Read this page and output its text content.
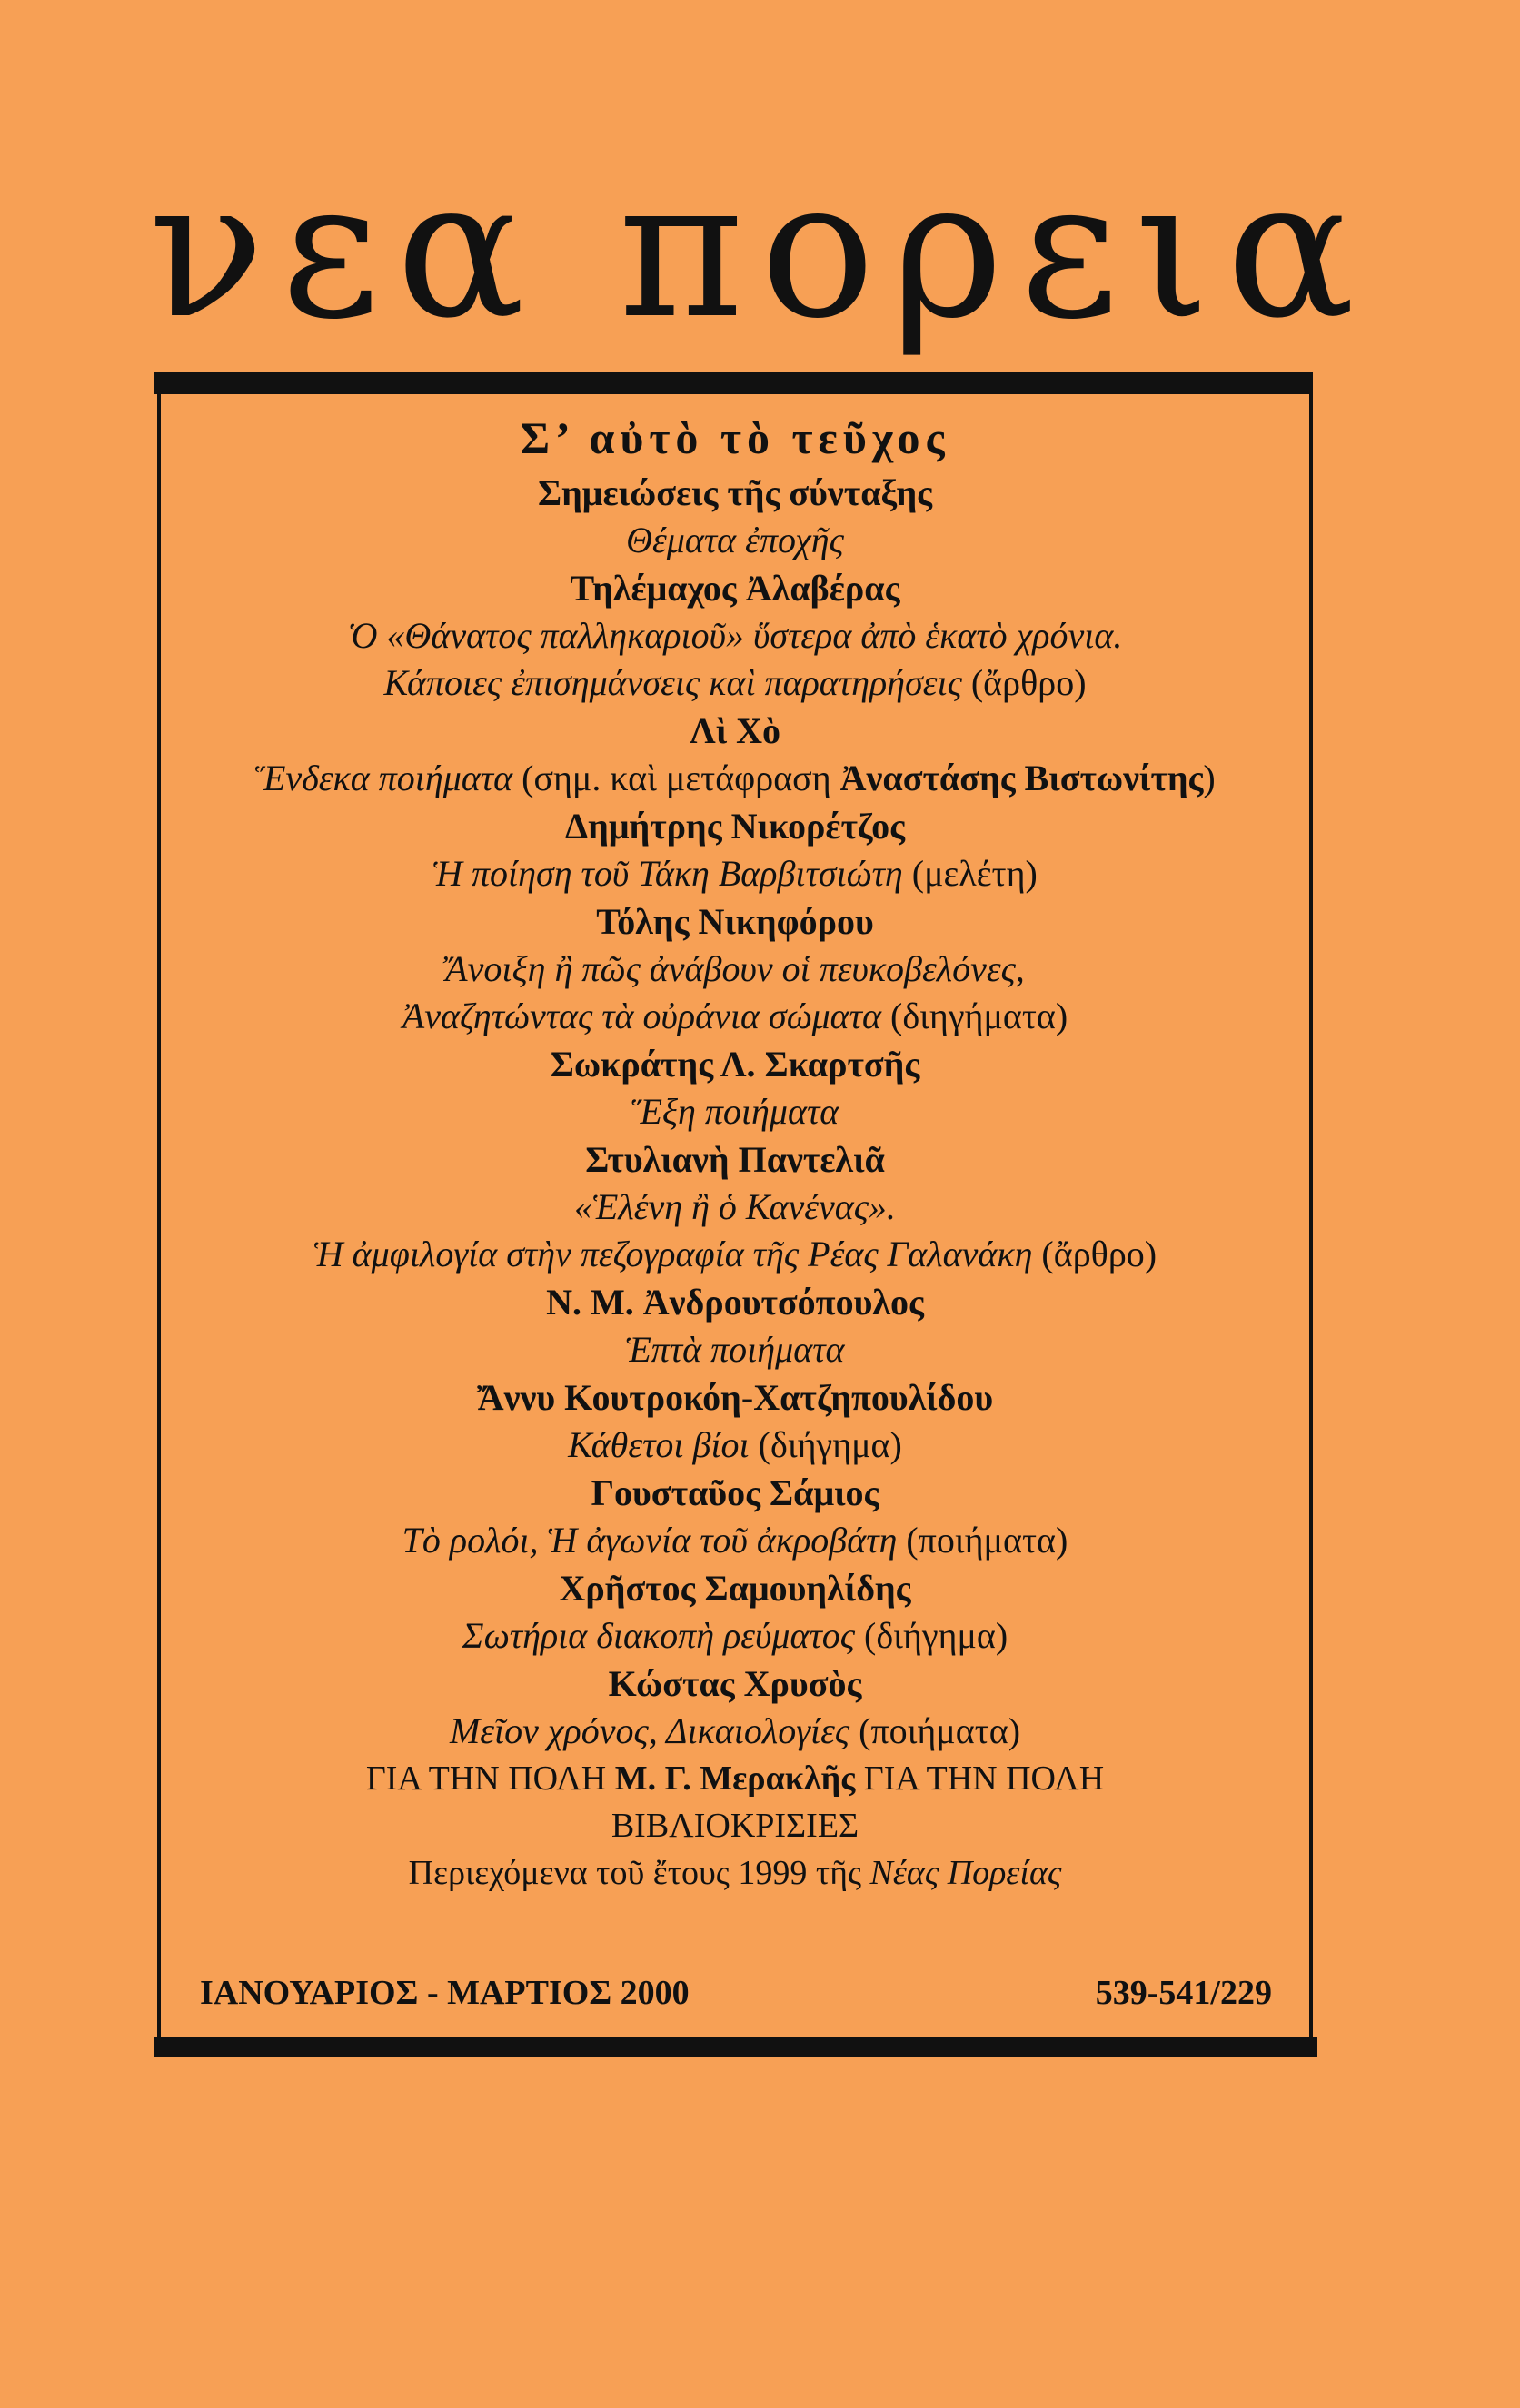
νεα πορεια
Σ’ αὐτὸ τὸ τεῦχος
Σημειώσεις τῆς σύνταξης
Θέματα ἐποχῆς
Τηλέμαχος Ἀλαβέρας
Ὁ «Θάνατος παλληκαριοῦ» ὕστερα ἀπὸ ἑκατὸ χρόνια.
Κάποιες ἐπισημάνσεις καὶ παρατηρήσεις (ἄρθρο)
Λὶ Χὸ
Ἕνδεκα ποιήματα (σημ. καὶ μετάφραση Ἀναστάσης Βιστωνίτης)
Δημήτρης Νικορέτζος
Ἡ ποίηση τοῦ Τάκη Βαρβιτσιώτη (μελέτη)
Τόλης Νικηφόρου
Ἄνοιξη ἢ πῶς ἀνάβουν οἱ πευκοβελόνες,
Ἀναζητώντας τὰ οὐράνια σώματα (διηγήματα)
Σωκράτης Λ. Σκαρτσῆς
Ἕξη ποιήματα
Στυλιανὴ Παντελιᾶ
«Ἑλένη ἢ ὁ Κανένας».
Ἡ ἀμφιλογία στὴν πεζογραφία τῆς Ρέας Γαλανάκη (ἄρθρο)
Ν. Μ. Ἀνδρουτσόπουλος
Ἑπτὰ ποιήματα
Ἄννυ Κουτροκόη-Χατζηπουλίδου
Κάθετοι βίοι (διήγημα)
Γουσταῦος Σάμιος
Τὸ ρολόι, Ἡ ἀγωνία τοῦ ἀκροβάτη (ποιήματα)
Χρῆστος Σαμουηλίδης
Σωτήρια διακοπὴ ρεύματος (διήγημα)
Κώστας Χρυσὸς
Μεῖον χρόνος, Δικαιολογίες (ποιήματα)
ΓΙΑ ΤΗΝ ΠΟΛΗ Μ. Γ. Μερακλῆς ΓΙΑ ΤΗΝ ΠΟΛΗ
ΒΙΒΛΙΟΚΡΙΣΙΕΣ
Περιεχόμενα τοῦ ἔτους 1999 τῆς Νέας Πορείας
ΙΑΝΟΥΑΡΙΟΣ - ΜΑΡΤΙΟΣ 2000	539-541/229
